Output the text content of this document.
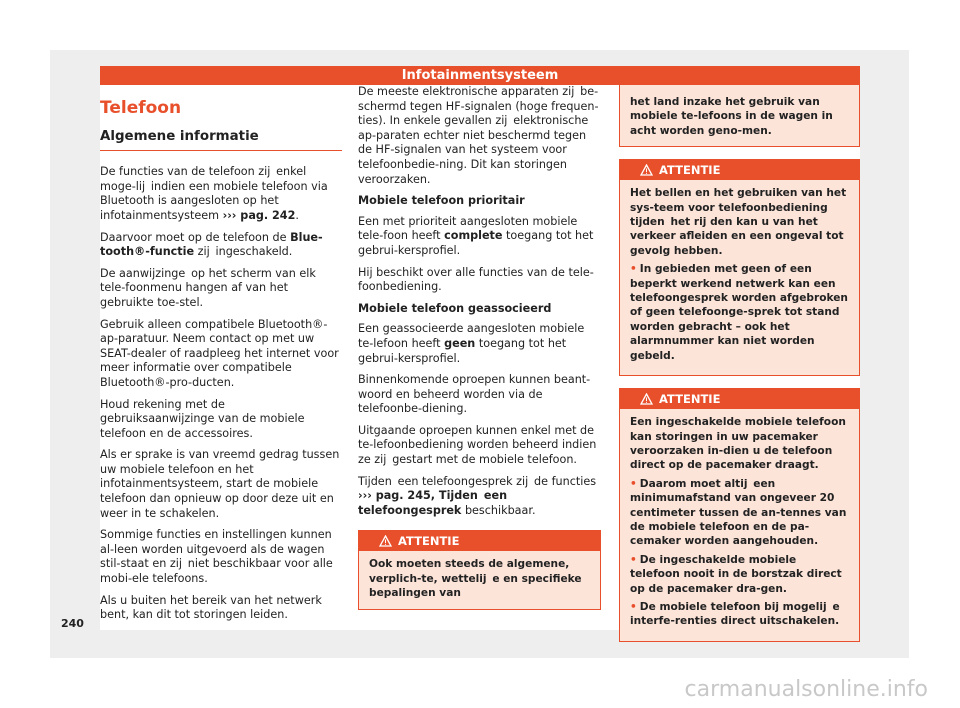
Infotainmentsysteem
Telefoon
Algemene informatie

De functies van de telefoon zij  enkel moge-lij  indien een mobiele telefoon via Bluetooth is aangesloten op het infotainmentsysteem ››› pag. 242.

Daarvoor moet op de telefoon de Blue-tooth®-functie zij  ingeschakeld.

De aanwijzinge  op het scherm van elk tele-foonmenu hangen af van het gebruikte toe-stel.

Gebruik alleen compatibele Bluetooth®-ap-paratuur. Neem contact op met uw SEAT-dealer of raadpleeg het internet voor meer informatie over compatibele Bluetooth®-pro-ducten.

Houd rekening met de gebruiksaanwijzinge van de mobiele telefoon en de accessoires.

Als er sprake is van vreemd gedrag tussen uw mobiele telefoon en het infotainmentsysteem, start de mobiele telefoon dan opnieuw op door deze uit en weer in te schakelen.

Sommige functies en instellingen kunnen al-leen worden uitgevoerd als de wagen stil-staat en zij  niet beschikbaar voor alle mobi-ele telefoons.

Als u buiten het bereik van het netwerk bent, kan dit tot storingen leiden.

De meeste elektronische apparaten zij  be-schermd tegen HF-signalen (hoge frequen-ties). In enkele gevallen zij  elektronische ap-paraten echter niet beschermd tegen de HF-signalen van het systeem voor telefoonbedie-ning. Dit kan storingen veroorzaken.

Mobiele telefoon prioritair

Een met prioriteit aangesloten mobiele tele-foon heeft complete toegang tot het gebrui-kersprofiel.

Hij beschikt over alle functies van de tele-foonbediening.

Mobiele telefoon geassocieerd

Een geassocieerde aangesloten mobiele te-lefoon heeft geen toegang tot het gebrui-kersprofiel.

Binnenkomende oproepen kunnen beant-woord en beheerd worden via de telefoonbe-diening.

Uitgaande oproepen kunnen enkel met de te-lefoonbediening worden beheerd indien ze zij  gestart met de mobiele telefoon.

Tijden  een telefoongesprek zij  de functies ››› pag. 245, Tijden  een telefoongesprek beschikbaar.

ATTENTIE
Ook moeten steeds de algemene, verplich-te, wettelij  e en specifieke bepalingen van
het land inzake het gebruik van mobiele te-lefoons in de wagen in acht worden geno-men.
ATTENTIE

Het bellen en het gebruiken van het sys-teem voor telefoonbediening tijden  het rij den kan u van het verkeer afleiden en een ongeval tot gevolg hebben.

• In gebieden met geen of een beperkt werkend netwerk kan een telefoongesprek worden afgebroken of geen telefoonge-sprek tot stand worden gebracht – ook het alarmnummer kan niet worden gebeld.

ATTENTIE

Een ingeschakelde mobiele telefoon kan storingen in uw pacemaker veroorzaken in-dien u de telefoon direct op de pacemaker draagt.

• Daarom moet altij  een minimumafstand van ongeveer 20 centimeter tussen de an-tennes van de mobiele telefoon en de pa-cemaker worden aangehouden.

• De ingeschakelde mobiele telefoon nooit in de borstzak direct op de pacemaker dra-gen.

• De mobiele telefoon bij mogelij  e interfe-renties direct uitschakelen.

240
carmanualsonline.info
